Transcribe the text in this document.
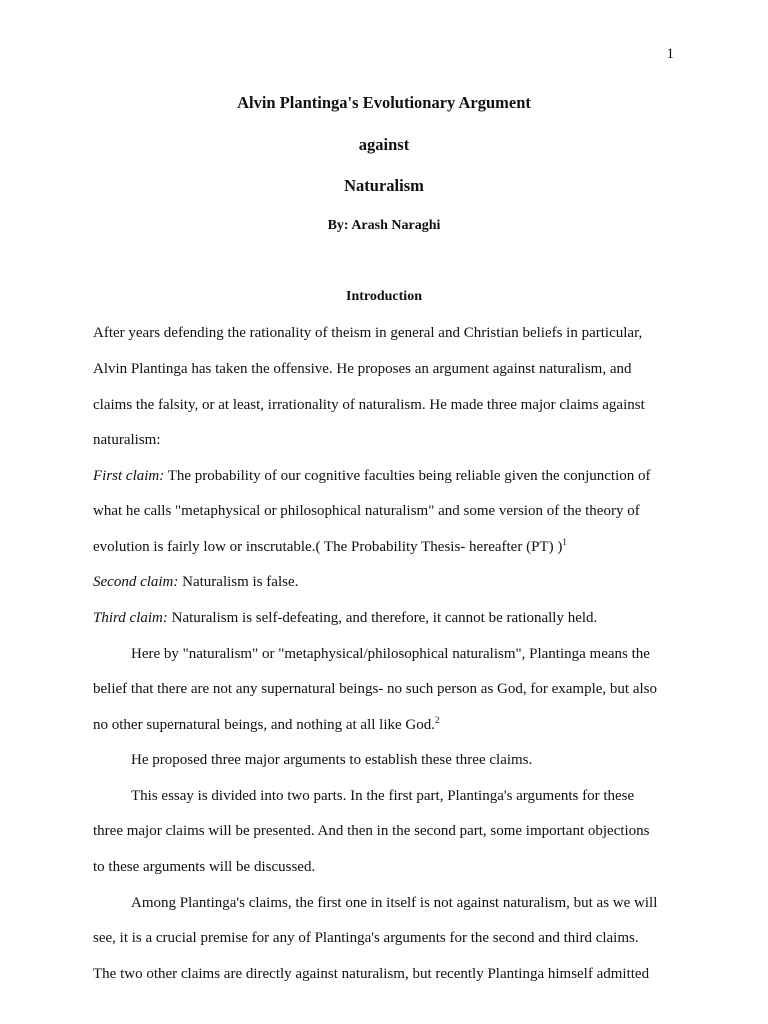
1
Alvin Plantinga's Evolutionary Argument
against
Naturalism
By: Arash Naraghi
Introduction
After years defending the rationality of theism in general and Christian beliefs in particular,
Alvin Plantinga has taken the offensive. He proposes an argument against naturalism, and
claims the falsity, or at least, irrationality of naturalism. He made three major claims against
naturalism:
First claim: The probability of our cognitive faculties being reliable given the conjunction of
what he calls "metaphysical or philosophical naturalism" and some version of the theory of
evolution is fairly low or inscrutable.( The Probability Thesis- hereafter (PT) )$^1$
Second claim: Naturalism is false.
Third claim: Naturalism is self-defeating, and therefore, it cannot be rationally held.
Here by "naturalism" or "metaphysical/philosophical naturalism", Plantinga means the
belief that there are not any supernatural beings- no such person as God, for example, but also
no other supernatural beings, and nothing at all like God.$^2$
He proposed three major arguments to establish these three claims.
This essay is divided into two parts. In the first part, Plantinga's arguments for these
three major claims will be presented. And then in the second part, some important objections
to these arguments will be discussed.
Among Plantinga's claims, the first one in itself is not against naturalism, but as we will
see, it is a crucial premise for any of Plantinga's arguments for the second and third claims.
The two other claims are directly against naturalism, but recently Plantinga himself admitted
